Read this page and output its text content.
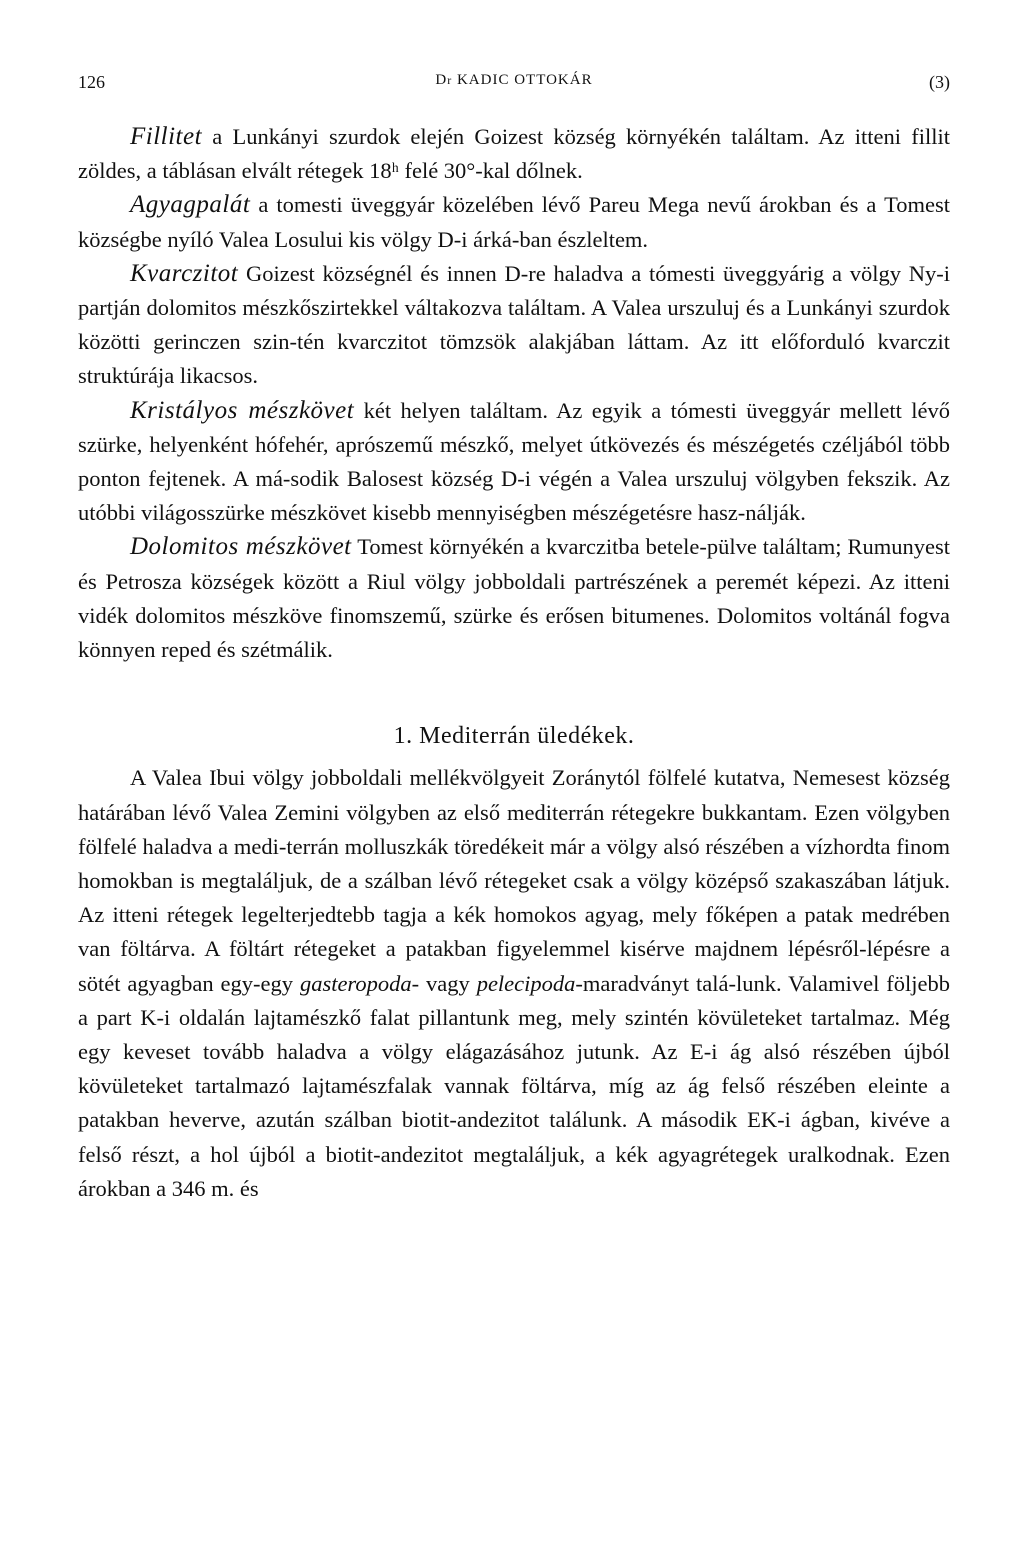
126	Dr KADIC OTTOKÁR	(3)

Fillitet a Lunkányi szurdok elején Goizest község környékén találtam. Az itteni fillit zöldes, a táblásan elvált rétegek 18ʰ felé 30°-kal dőlnek.

Agyagpalát a tomesti üveggyár közelében lévő Pareu Mega nevű árokban és a Tomest községbe nyíló Valea Losului kis völgy D-i árká-ban észleltem.

Kvarczitot Goizest községnél és innen D-re haladva a tómesti üveggyárig a völgy Ny-i partján dolomitos mészkőszirtekkel váltakozva találtam. A Valea urszuluj és a Lunkányi szurdok közötti gerinczen szin-tén kvarczitot tömzsök alakjában láttam. Az itt előforduló kvarczit struktúrája likacsos.

Kristályos mészkövet két helyen találtam. Az egyik a tómesti üveggyár mellett lévő szürke, helyenként hófehér, aprószemű mészkő, melyet útkövezés és mészégetés czéljából több ponton fejtenek. A má-sodik Balosest község D-i végén a Valea urszuluj völgyben fekszik. Az utóbbi világosszürke mészkövet kisebb mennyiségben mészégetésre hasz-nálják.

Dolomitos mészkövet Tomest környékén a kvarczitba betele-pülve találtam; Rumunyest és Petrosza községek között a Riul völgy jobboldali partrészének a peremét képezi. Az itteni vidék dolomitos mészköve finomszemű, szürke és erősen bitumenes. Dolomitos voltánál fogva könnyen reped és szétmálik.

1. Mediterrán üledékek.

A Valea Ibui völgy jobboldali mellékvölgyeit Zoránytól fölfelé kutatva, Nemesest község határában lévő Valea Zemini völgyben az első mediterrán rétegekre bukkantam. Ezen völgyben fölfelé haladva a medi-terrán molluszkák töredékeit már a völgy alsó részében a vízhordta finom homokban is megtaláljuk, de a szálban lévő rétegeket csak a völgy középső szakaszában látjuk. Az itteni rétegek legelterjedtebb tagja a kék homokos agyag, mely főképen a patak medrében van föltárva. A föltárt rétegeket a patakban figyelemmel kisérve majdnem lépésről-lépésre a sötét agyagban egy-egy gasteropoda- vagy pelecipoda-maradványt talá-lunk. Valamivel följebb a part K-i oldalán lajtamészkő falat pillantunk meg, mely szintén kövületeket tartalmaz. Még egy keveset tovább haladva a völgy elágazásához jutunk. Az E-i ág alsó részében újból kövületeket tartalmazó lajtamészfalak vannak föltárva, míg az ág felső részében eleinte a patakban heverve, azután szálban biotit-andezitot találunk. A második EK-i ágban, kivéve a felső részt, a hol újból a biotit-andezitot megtaláljuk, a kék agyagrétegek uralkodnak. Ezen árokban a 346 m. és
